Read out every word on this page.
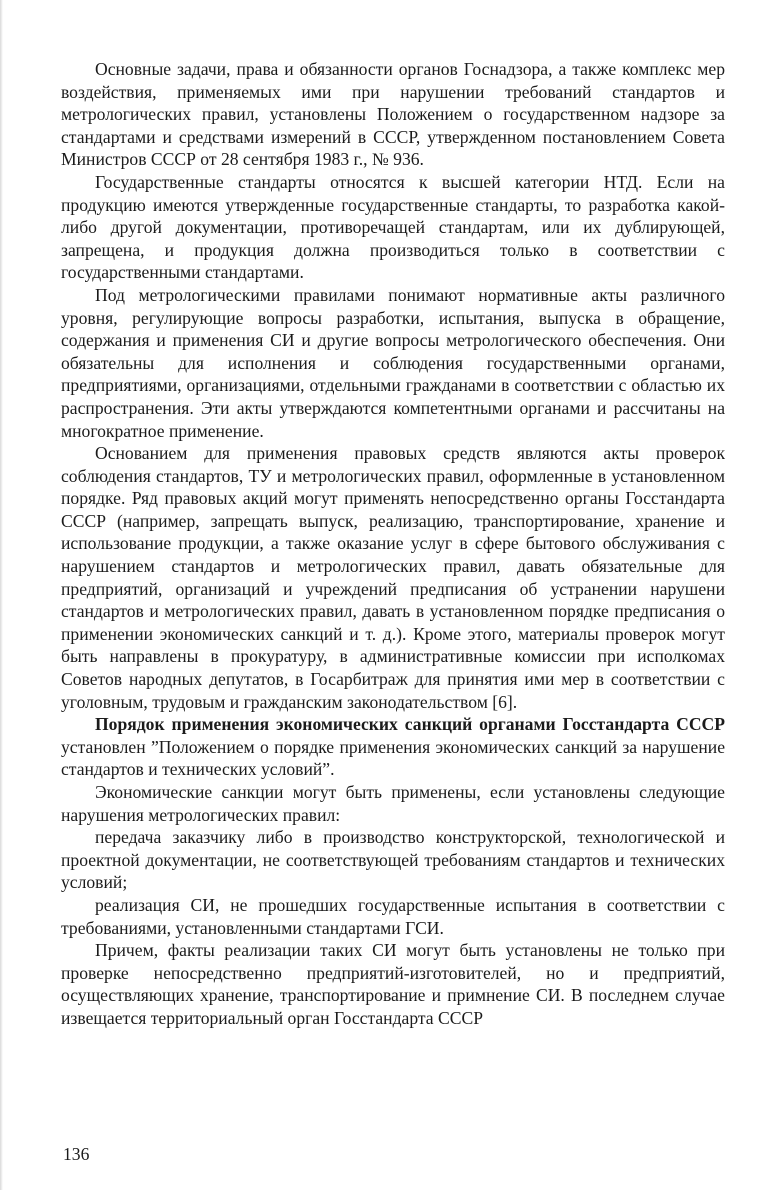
Основные задачи, права и обязанности органов Госнадзора, а также комплекс мер воздействия, применяемых ими при нарушении требований стандартов и метрологических правил, установлены Положением о государственном надзоре за стандартами и средствами измерений в СССР, утвержденном постановлением Совета Министров СССР от 28 сентября 1983 г., № 936.

Государственные стандарты относятся к высшей категории НТД. Если на продукцию имеются утвержденные государственные стандарты, то разработка какой-либо другой документации, противоречащей стандартам, или их дублирующей, запрещена, и продукция должна производиться только в соответствии с государственными стандартами.

Под метрологическими правилами понимают нормативные акты различного уровня, регулирующие вопросы разработки, испытания, выпуска в обращение, содержания и применения СИ и другие вопросы метрологического обеспечения. Они обязательны для исполнения и соблюдения государственными органами, предприятиями, организациями, отдельными гражданами в соответствии с областью их распространения. Эти акты утверждаются компетентными органами и рассчитаны на многократное применение.

Основанием для применения правовых средств являются акты проверок соблюдения стандартов, ТУ и метрологических правил, оформленные в установленном порядке. Ряд правовых акций могут применять непосредственно органы Госстандарта СССР (например, запрещать выпуск, реализацию, транспортирование, хранение и использование продукции, а также оказание услуг в сфере бытового обслуживания с нарушением стандартов и метрологических правил, давать обязательные для предприятий, организаций и учреждений предписания об устранении нарушени стандартов и метрологических правил, давать в установленном порядке предписания о применении экономических санкций и т. д.). Кроме этого, материалы проверок могут быть направлены в прокуратуру, в административные комиссии при исполкомах Советов народных депутатов, в Госарбитраж для принятия ими мер в соответствии с уголовным, трудовым и гражданским законодательством [6].

Порядок применения экономических санкций органами Госстандарта СССР установлен ”Положением о порядке применения экономических санкций за нарушение стандартов и технических условий”.

Экономические санкции могут быть применены, если установлены следующие нарушения метрологических правил:

передача заказчику либо в производство конструкторской, технологической и проектной документации, не соответствующей требованиям стандартов и технических условий;

реализация СИ, не прошедших государственные испытания в соответствии с требованиями, установленными стандартами ГСИ.

Причем, факты реализации таких СИ могут быть установлены не только при проверке непосредственно предприятий-изготовителей, но и предприятий, осуществляющих хранение, транспортирование и примнение СИ. В последнем случае извещается территориальный орган Госстандарта СССР

136
